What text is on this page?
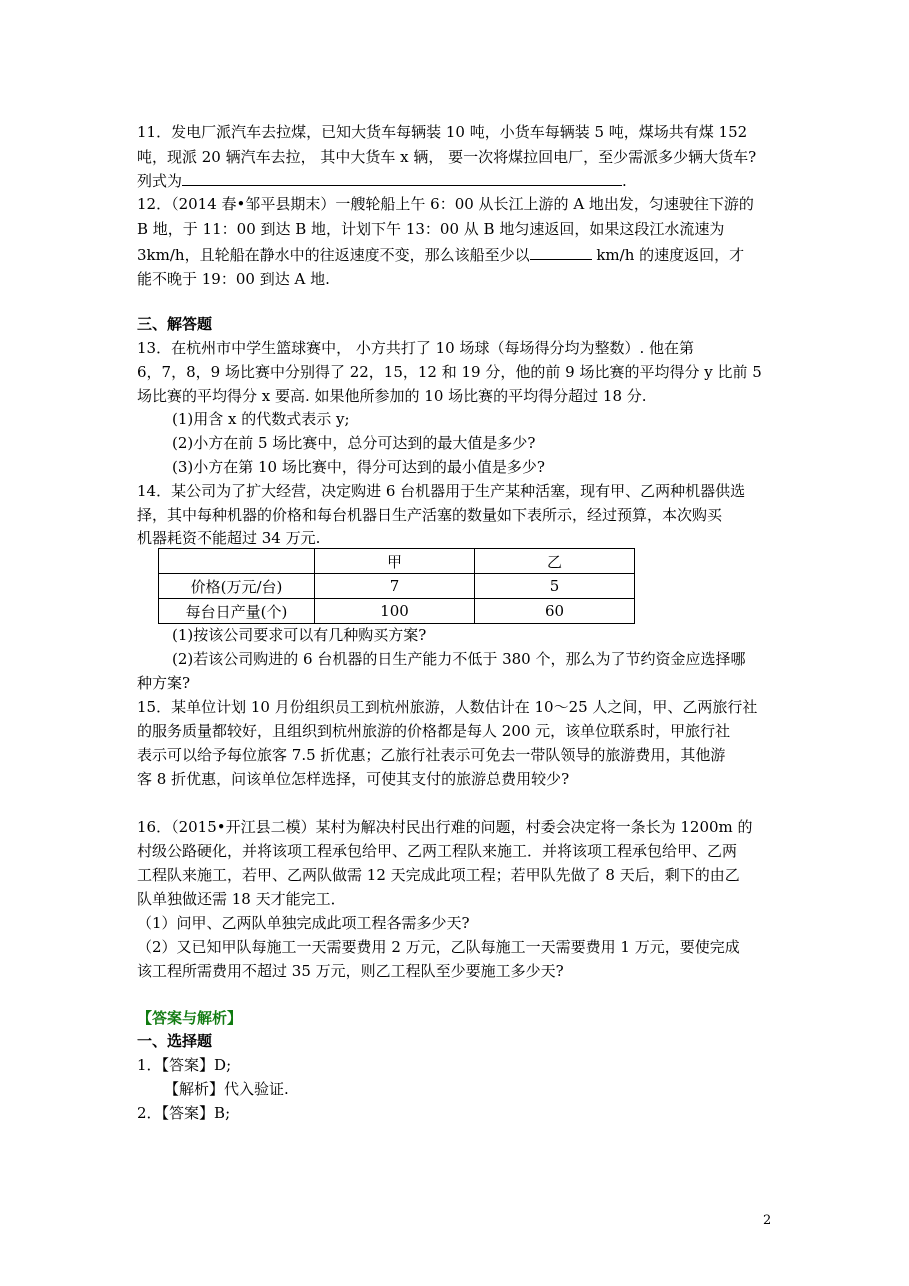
11．发电厂派汽车去拉煤，已知大货车每辆装 10 吨，小货车每辆装 5 吨，煤场共有煤 152
吨，现派 20 辆汽车去拉， 其中大货车 x 辆， 要一次将煤拉回电厂，至少需派多少辆大货车?
列式为	.
12．（2014 春•邹平县期末）一艘轮船上午 6：00 从长江上游的 A 地出发，匀速驶往下游的
B 地，于 11：00 到达 B 地，计划下午 13：00 从 B 地匀速返回，如果这段江水流速为
3km/h，且轮船在静水中的往返速度不变，那么该船至少以	km/h 的速度返回，才
能不晚于 19：00 到达 A 地.
三、解答题
13．在杭州市中学生篮球赛中， 小方共打了 10 场球（每场得分均为整数）. 他在第
6，7，8，9 场比赛中分别得了 22，15，12 和 19 分，他的前 9 场比赛的平均得分 y 比前 5
场比赛的平均得分 x 要高. 如果他所参加的 10 场比赛的平均得分超过 18 分.
(1)用含 x 的代数式表示 y;
(2)小方在前 5 场比赛中，总分可达到的最大值是多少?
(3)小方在第 10 场比赛中，得分可达到的最小值是多少?
14．某公司为了扩大经营，决定购进 6 台机器用于生产某种活塞，现有甲、乙两种机器供选
择，其中每种机器的价格和每台机器日生产活塞的数量如下表所示，经过预算，本次购买
机器耗资不能超过 34 万元.
	甲	乙
价格(万元/台)	7	5
每台日产量(个)	100	60
(1)按该公司要求可以有几种购买方案?
(2)若该公司购进的 6 台机器的日生产能力不低于 380 个，那么为了节约资金应选择哪
种方案?
15．某单位计划 10 月份组织员工到杭州旅游，人数估计在 10～25 人之间，甲、乙两旅行社
的服务质量都较好，且组织到杭州旅游的价格都是每人 200 元，该单位联系时，甲旅行社
表示可以给予每位旅客 7.5 折优惠；乙旅行社表示可免去一带队领导的旅游费用，其他游
客 8 折优惠，问该单位怎样选择，可使其支付的旅游总费用较少?
16．（2015•开江县二模）某村为解决村民出行难的问题，村委会决定将一条长为 1200m 的
村级公路硬化，并将该项工程承包给甲、乙两工程队来施工．并将该项工程承包给甲、乙两
工程队来施工，若甲、乙两队做需 12 天完成此项工程；若甲队先做了 8 天后，剩下的由乙
队单独做还需 18 天才能完工．
（1）问甲、乙两队单独完成此项工程各需多少天?
（2）又已知甲队每施工一天需要费用 2 万元，乙队每施工一天需要费用 1 万元，要使完成
该工程所需费用不超过 35 万元，则乙工程队至少要施工多少天?
【答案与解析】
一、选择题
1．【答案】D;
【解析】代入验证.
2．【答案】B;
2
